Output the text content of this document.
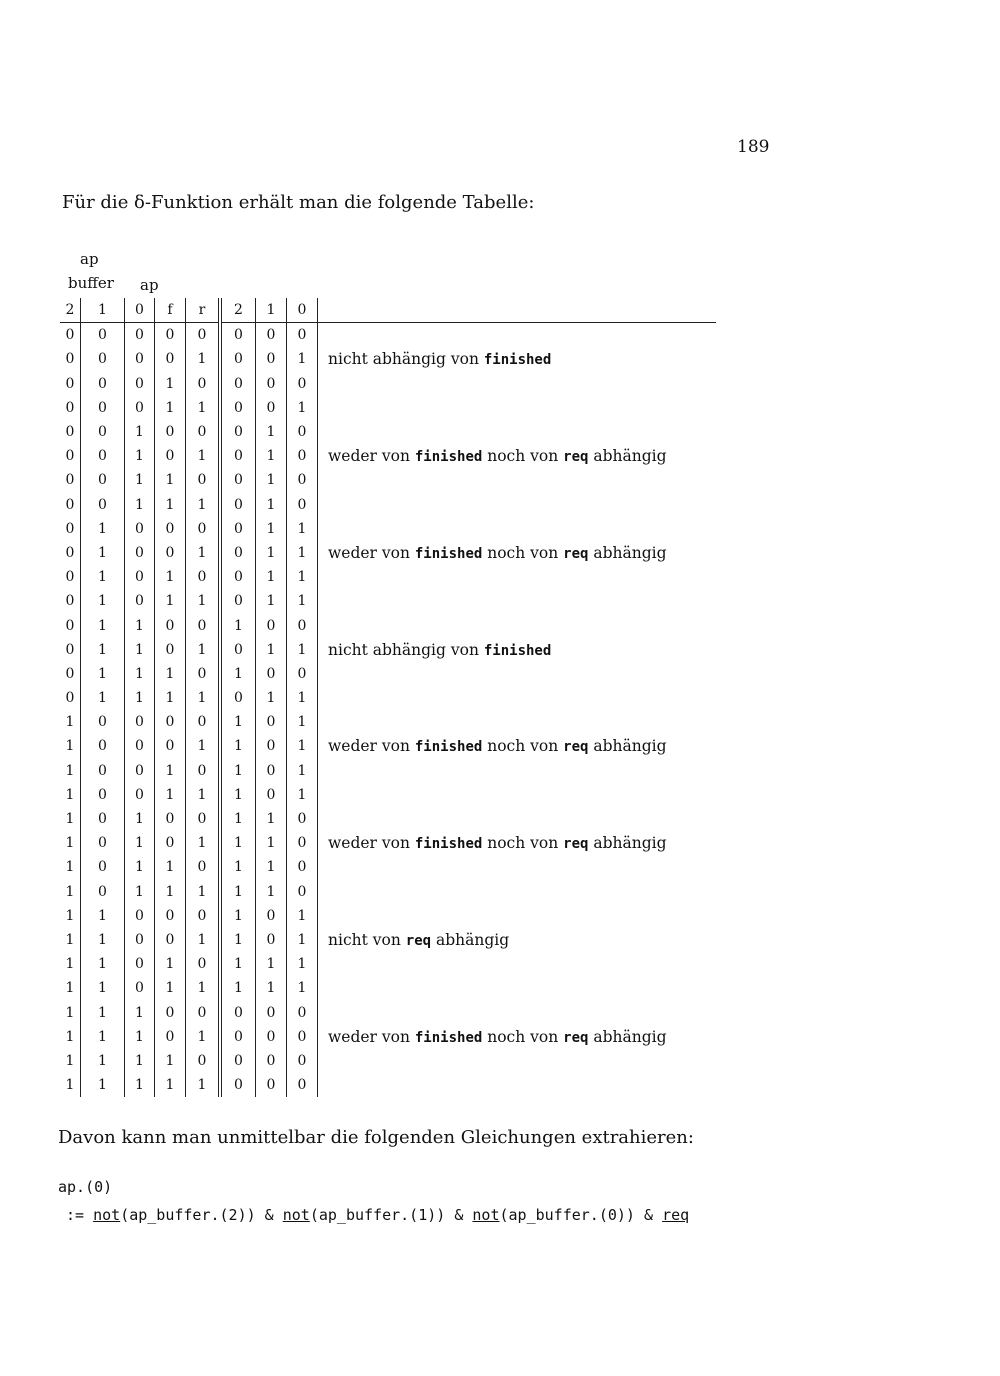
189
Für die δ-Funktion erhält man die folgende Tabelle:
ap
buffer ap
2	1	0	f	r	2	1	0	
0	0	0	0	0	0	0	0	
0	0	0	0	1	0	0	1	nicht abhängig von finished
0	0	0	1	0	0	0	0	
0	0	0	1	1	0	0	1	
0	0	1	0	0	0	1	0	
0	0	1	0	1	0	1	0	weder von finished noch von req abhängig
0	0	1	1	0	0	1	0	
0	0	1	1	1	0	1	0	
0	1	0	0	0	0	1	1	
0	1	0	0	1	0	1	1	weder von finished noch von req abhängig
0	1	0	1	0	0	1	1	
0	1	0	1	1	0	1	1	
0	1	1	0	0	1	0	0	
0	1	1	0	1	0	1	1	nicht abhängig von finished
0	1	1	1	0	1	0	0	
0	1	1	1	1	0	1	1	
1	0	0	0	0	1	0	1	
1	0	0	0	1	1	0	1	weder von finished noch von req abhängig
1	0	0	1	0	1	0	1	
1	0	0	1	1	1	0	1	
1	0	1	0	0	1	1	0	
1	0	1	0	1	1	1	0	weder von finished noch von req abhängig
1	0	1	1	0	1	1	0	
1	0	1	1	1	1	1	0	
1	1	0	0	0	1	0	1	
1	1	0	0	1	1	0	1	nicht von req abhängig
1	1	0	1	0	1	1	1	
1	1	0	1	1	1	1	1	
1	1	1	0	0	0	0	0	
1	1	1	0	1	0	0	0	weder von finished noch von req abhängig
1	1	1	1	0	0	0	0	
1	1	1	1	1	0	0	0	
Davon kann man unmittelbar die folgenden Gleichungen extrahieren:
ap.(0)
:= not(ap_buffer.(2)) & not(ap_buffer.(1)) & not(ap_buffer.(0)) & req
